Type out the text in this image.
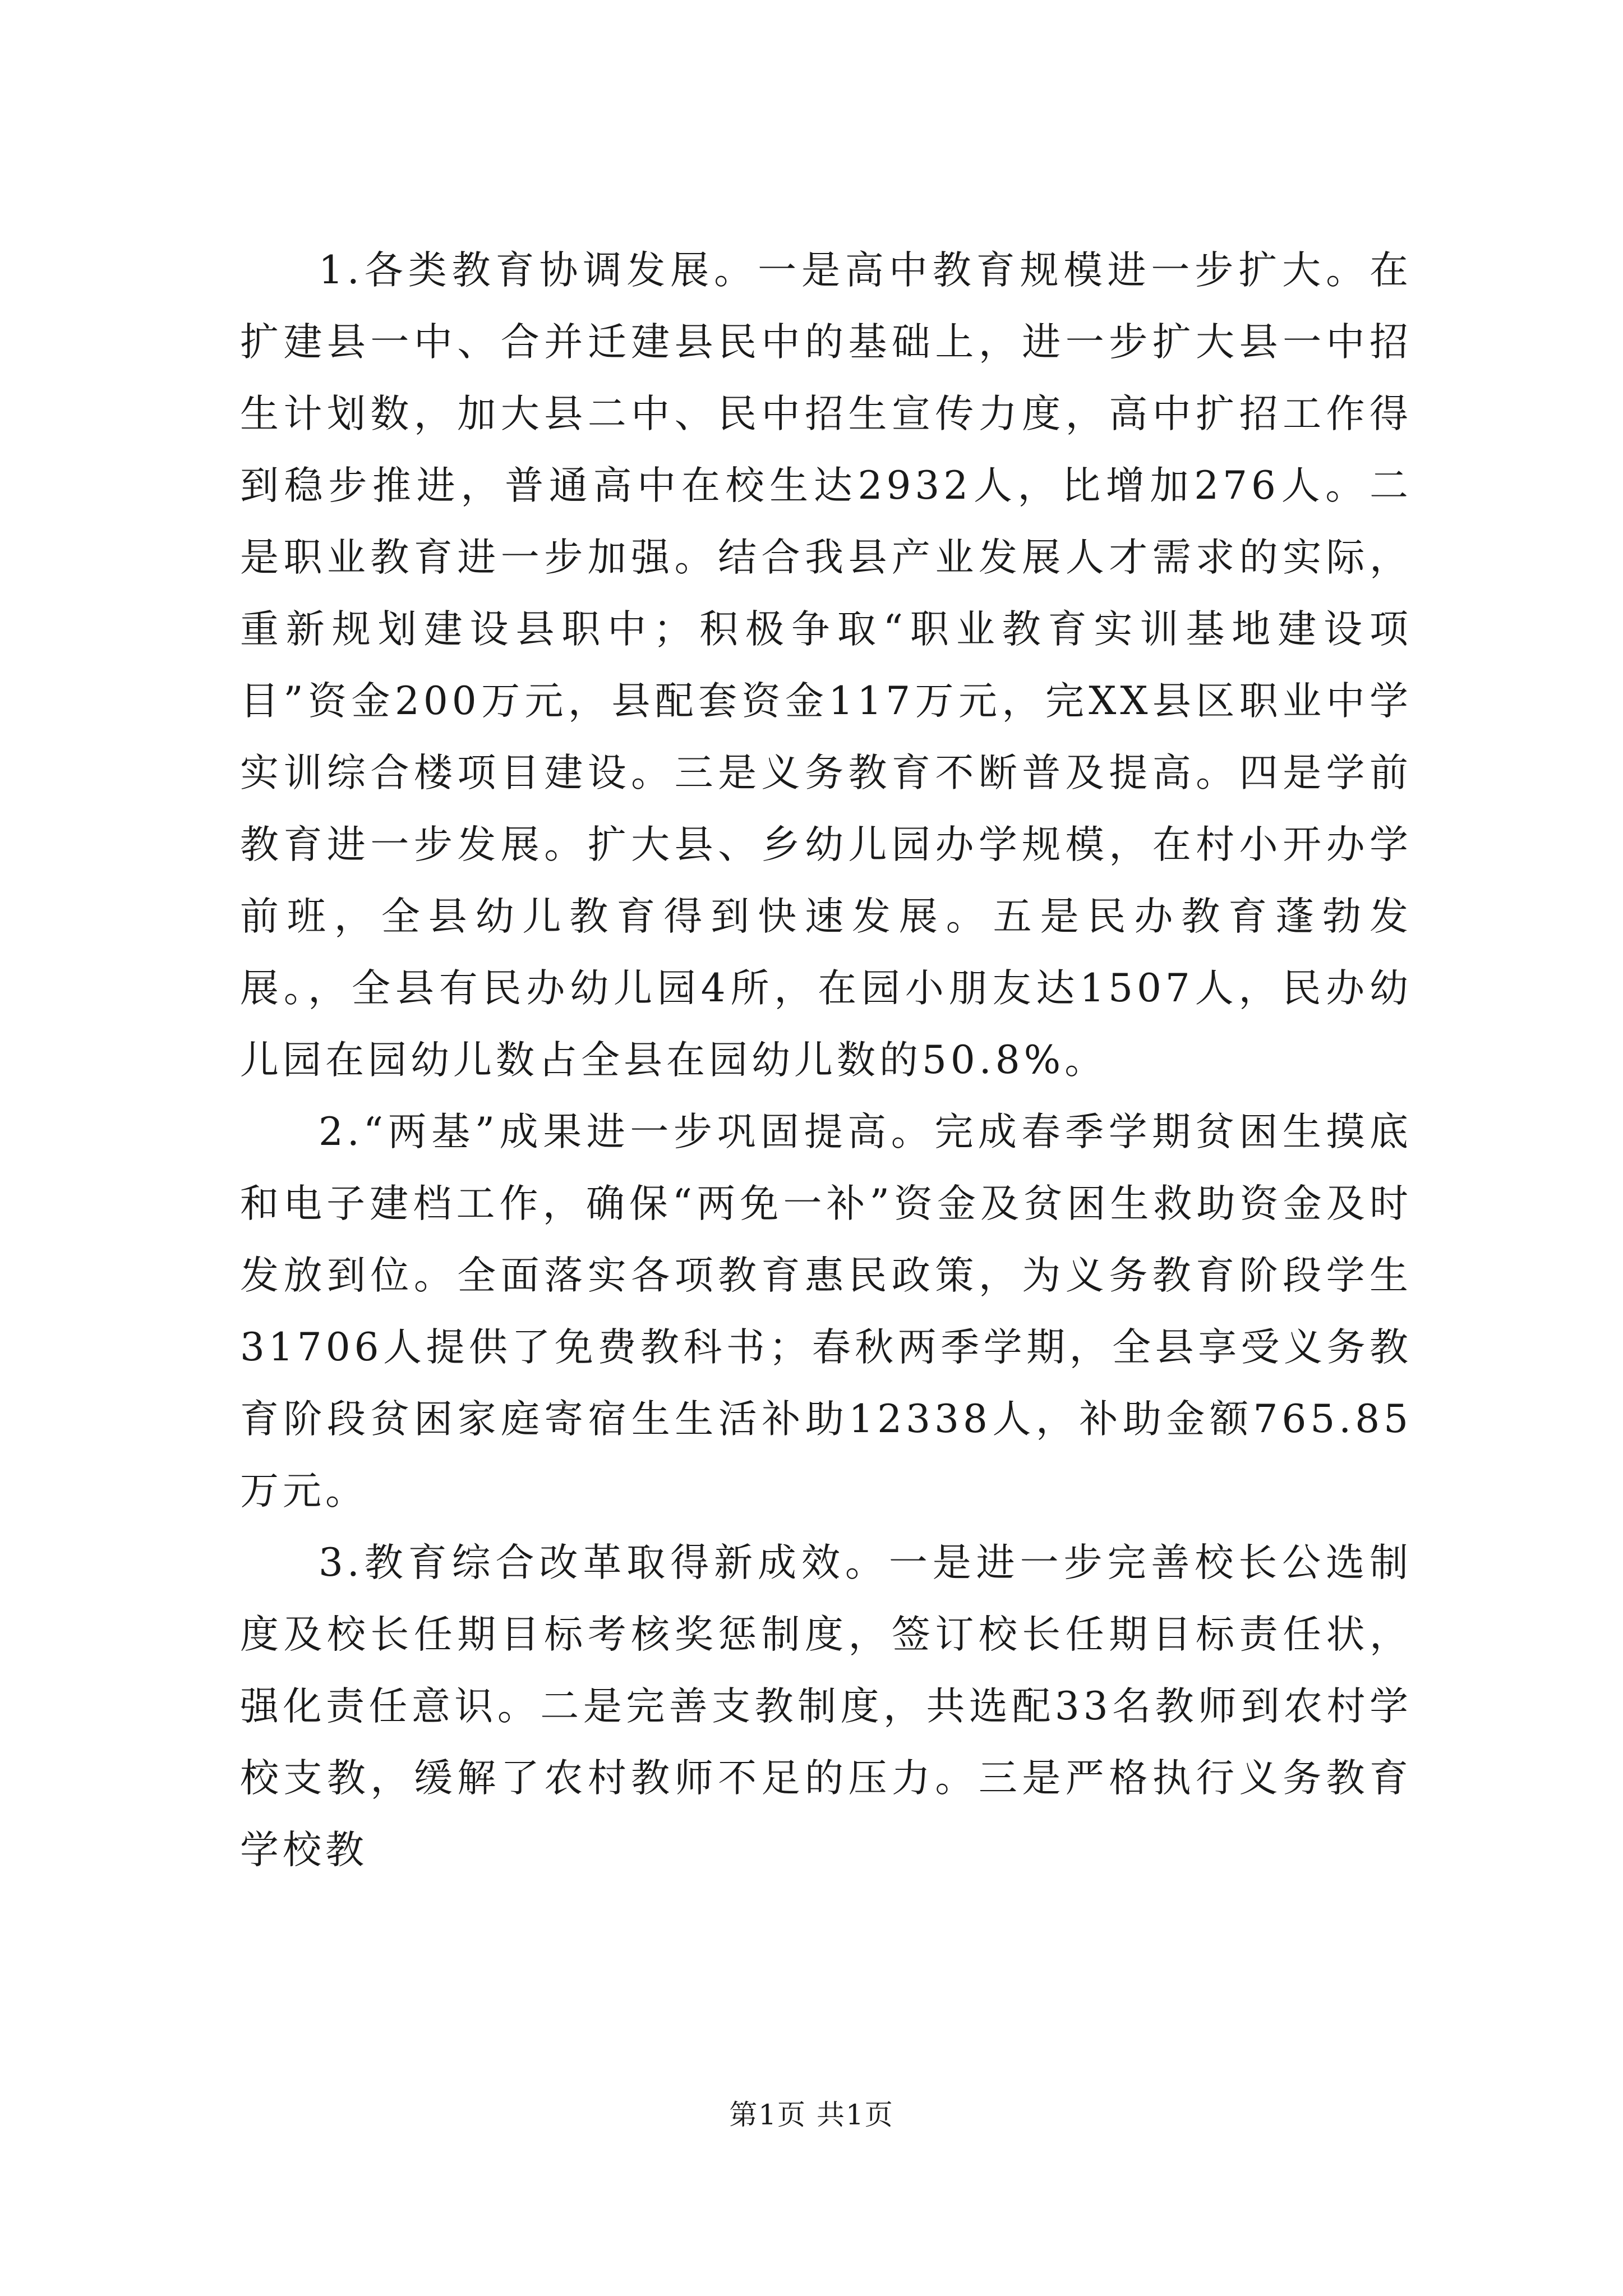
1.各类教育协调发展。一是高中教育规模进一步扩大。在扩建县一中、合并迁建县民中的基础上，进一步扩大县一中招生计划数，加大县二中、民中招生宣传力度，高中扩招工作得到稳步推进，普通高中在校生达2932人，比增加276人。二是职业教育进一步加强。结合我县产业发展人才需求的实际，重新规划建设县职中；积极争取“职业教育实训基地建设项目”资金200万元，县配套资金117万元，完XX县区职业中学实训综合楼项目建设。三是义务教育不断普及提高。四是学前教育进一步发展。扩大县、乡幼儿园办学规模，在村小开办学前班，全县幼儿教育得到快速发展。五是民办教育蓬勃发展。，全县有民办幼儿园4所，在园小朋友达1507人，民办幼儿园在园幼儿数占全县在园幼儿数的50.8%。

2.“两基”成果进一步巩固提高。完成春季学期贫困生摸底和电子建档工作，确保“两免一补”资金及贫困生救助资金及时发放到位。全面落实各项教育惠民政策，为义务教育阶段学生31706人提供了免费教科书；春秋两季学期，全县享受义务教育阶段贫困家庭寄宿生生活补助12338人，补助金额765.85万元。

3.教育综合改革取得新成效。一是进一步完善校长公选制度及校长任期目标考核奖惩制度，签订校长任期目标责任状，强化责任意识。二是完善支教制度，共选配33名教师到农村学校支教，缓解了农村教师不足的压力。三是严格执行义务教育学校教

第1页 共1页
